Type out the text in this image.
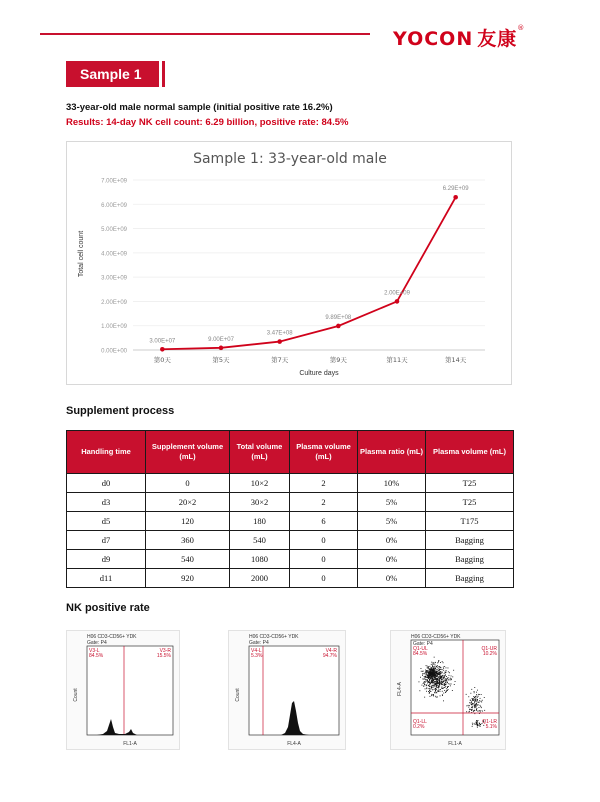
YOCON 友康®
Sample 1
33-year-old male normal sample (initial positive rate 16.2%)
Results: 14-day NK cell count: 6.29 billion, positive rate: 84.5%
Sample 1: 33-year-old male
Total cell count
Culture days
0.00E+00
1.00E+09
2.00E+09
3.00E+09
4.00E+09
5.00E+09
6.00E+09
7.00E+09
第0天	第5天	第7天	第9天	第11天	第14天
3.00E+07	9.00E+07
3.47E+08
9.89E+08
2.00E+09
6.29E+09
Supplement process
Handling time	Supplement volume (mL)	Total volume (mL)	Plasma volume (mL)	Plasma ratio (mL)	Plasma volume (mL)
d0	0	10×2	2	10%	T25
d3	20×2	30×2	2	5%	T25
d5	120	180	6	5%	T175
d7	360	540	0	0%	Bagging
d9	540	1080	0	0%	Bagging
d11	920	2000	0	0%	Bagging
NK positive rate
H06 CD3-CD56+ YDK
Gate: P4
V3-L
84.5%
V3-R
15.5%
FL1-A
Count
H06 CD3-CD56+ YDK
Gate: P4
V4-L
5.3%
V4-R
94.7%
FL4-A
Count
H06 CD3-CD56+ YDK
Gate: P4
Q1-UL
84.5%
Q1-UR
10.2%
Q1-LL
0.2%
Q1-LR
5.1%
FL1-A
FL4-A
